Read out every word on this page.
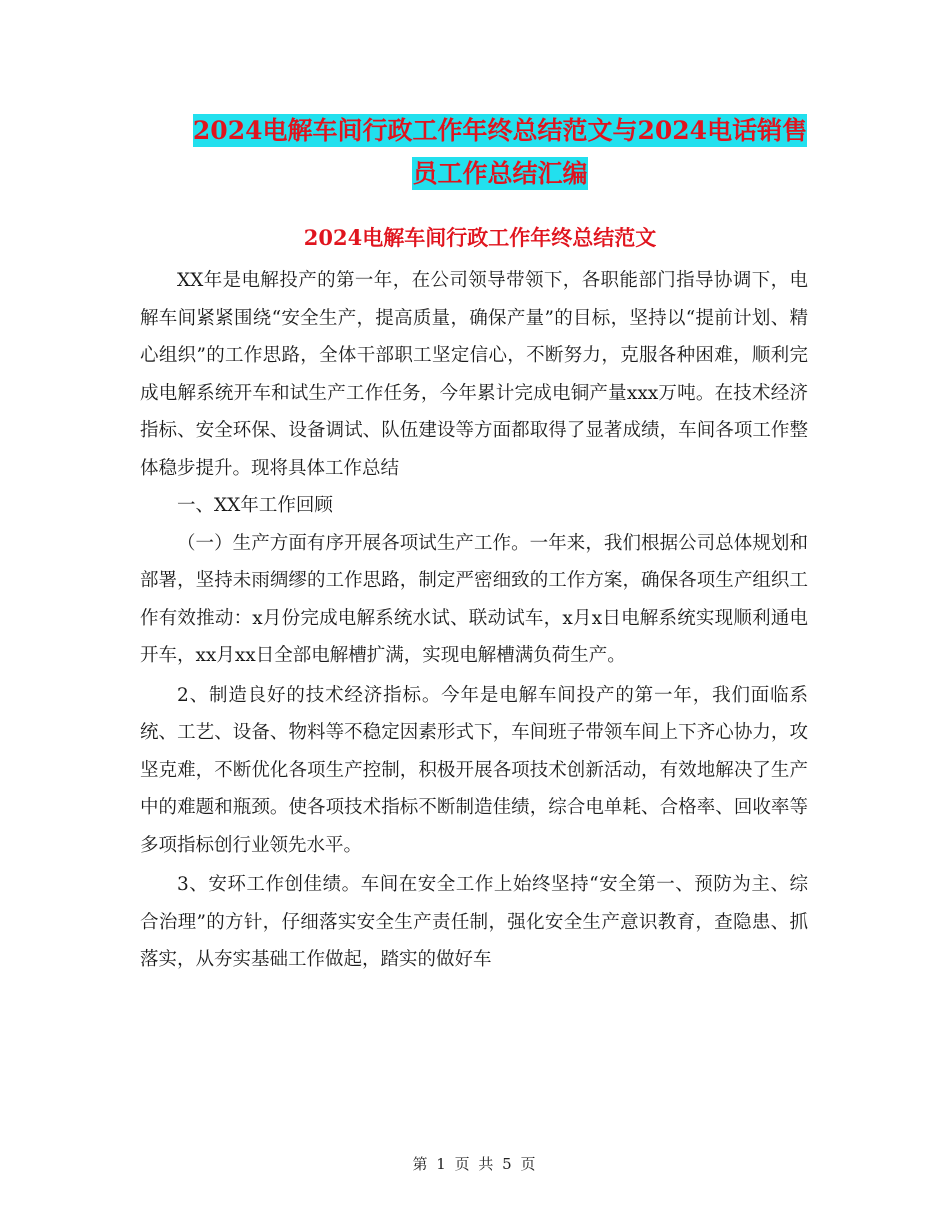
2024电解车间行政工作年终总结范文与2024电话销售
员工作总结汇编
2024电解车间行政工作年终总结范文

XX年是电解投产的第一年，在公司领导带领下，各职能部门指导协调下，电解车间紧紧围绕“安全生产，提高质量，确保产量”的目标，坚持以“提前计划、精心组织”的工作思路，全体干部职工坚定信心，不断努力，克服各种困难，顺利完成电解系统开车和试生产工作任务，今年累计完成电铜产量xxx万吨。在技术经济指标、安全环保、设备调试、队伍建设等方面都取得了显著成绩，车间各项工作整体稳步提升。现将具体工作总结

一、XX年工作回顾

（一）生产方面有序开展各项试生产工作。一年来，我们根据公司总体规划和部署，坚持未雨绸缪的工作思路，制定严密细致的工作方案，确保各项生产组织工作有效推动：x月份完成电解系统水试、联动试车，x月x日电解系统实现顺利通电开车，xx月xx日全部电解槽扩满，实现电解槽满负荷生产。

2、制造良好的技术经济指标。今年是电解车间投产的第一年，我们面临系统、工艺、设备、物料等不稳定因素形式下，车间班子带领车间上下齐心协力，攻坚克难，不断优化各项生产控制，积极开展各项技术创新活动，有效地解决了生产中的难题和瓶颈。使各项技术指标不断制造佳绩，综合电单耗、合格率、回收率等多项指标创行业领先水平。

3、安环工作创佳绩。车间在安全工作上始终坚持“安全第一、预防为主、综合治理”的方针，仔细落实安全生产责任制，强化安全生产意识教育，查隐患、抓落实，从夯实基础工作做起，踏实的做好车

第 1 页 共 5 页
